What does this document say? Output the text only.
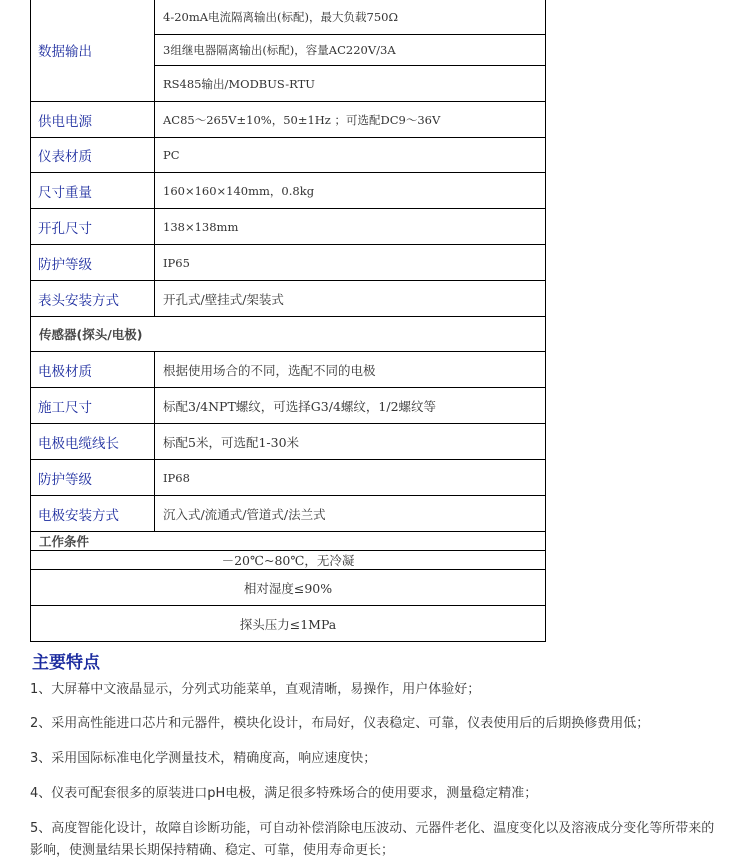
数据输出	4-20mA电流隔离输出(标配)，最大负载750Ω
	3组继电器隔离输出(标配)，容量AC220V/3A
	RS485输出/MODBUS-RTU
供电电源	AC85～265V±10%，50±1Hz ；可选配DC9～36V
仪表材质	PC
尺寸重量	160×160×140mm，0.8kg
开孔尺寸	138×138mm
防护等级	IP65
表头安装方式	开孔式/壁挂式/架装式
传感器(探头/电极)	
电极材质	根据使用场合的不同，选配不同的电极
施工尺寸	标配3/4NPT螺纹，可选择G3/4螺纹，1/2螺纹等
电极电缆线长	标配5米，可选配1-30米
防护等级	IP68
电极安装方式	沉入式/流通式/管道式/法兰式
工作条件	
－20℃~80℃，无冷凝	
相对湿度≤90%	
探头压力≤1MPa	
主要特点

1、大屏幕中文液晶显示，分列式功能菜单，直观清晰，易操作，用户体验好；

2、采用高性能进口芯片和元器件，模块化设计，布局好，仪表稳定、可靠，仪表使用后的后期换修费用低；

3、采用国际标准电化学测量技术，精确度高，响应速度快；

4、仪表可配套很多的原装进口pH电极，满足很多特殊场合的使用要求，测量稳定精准；

5、高度智能化设计，故障自诊断功能，可自动补偿消除电压波动、元器件老化、温度变化以及溶液成分变化等所带来的影响，使测量结果长期保持精确、稳定、可靠，使用寿命更长；
